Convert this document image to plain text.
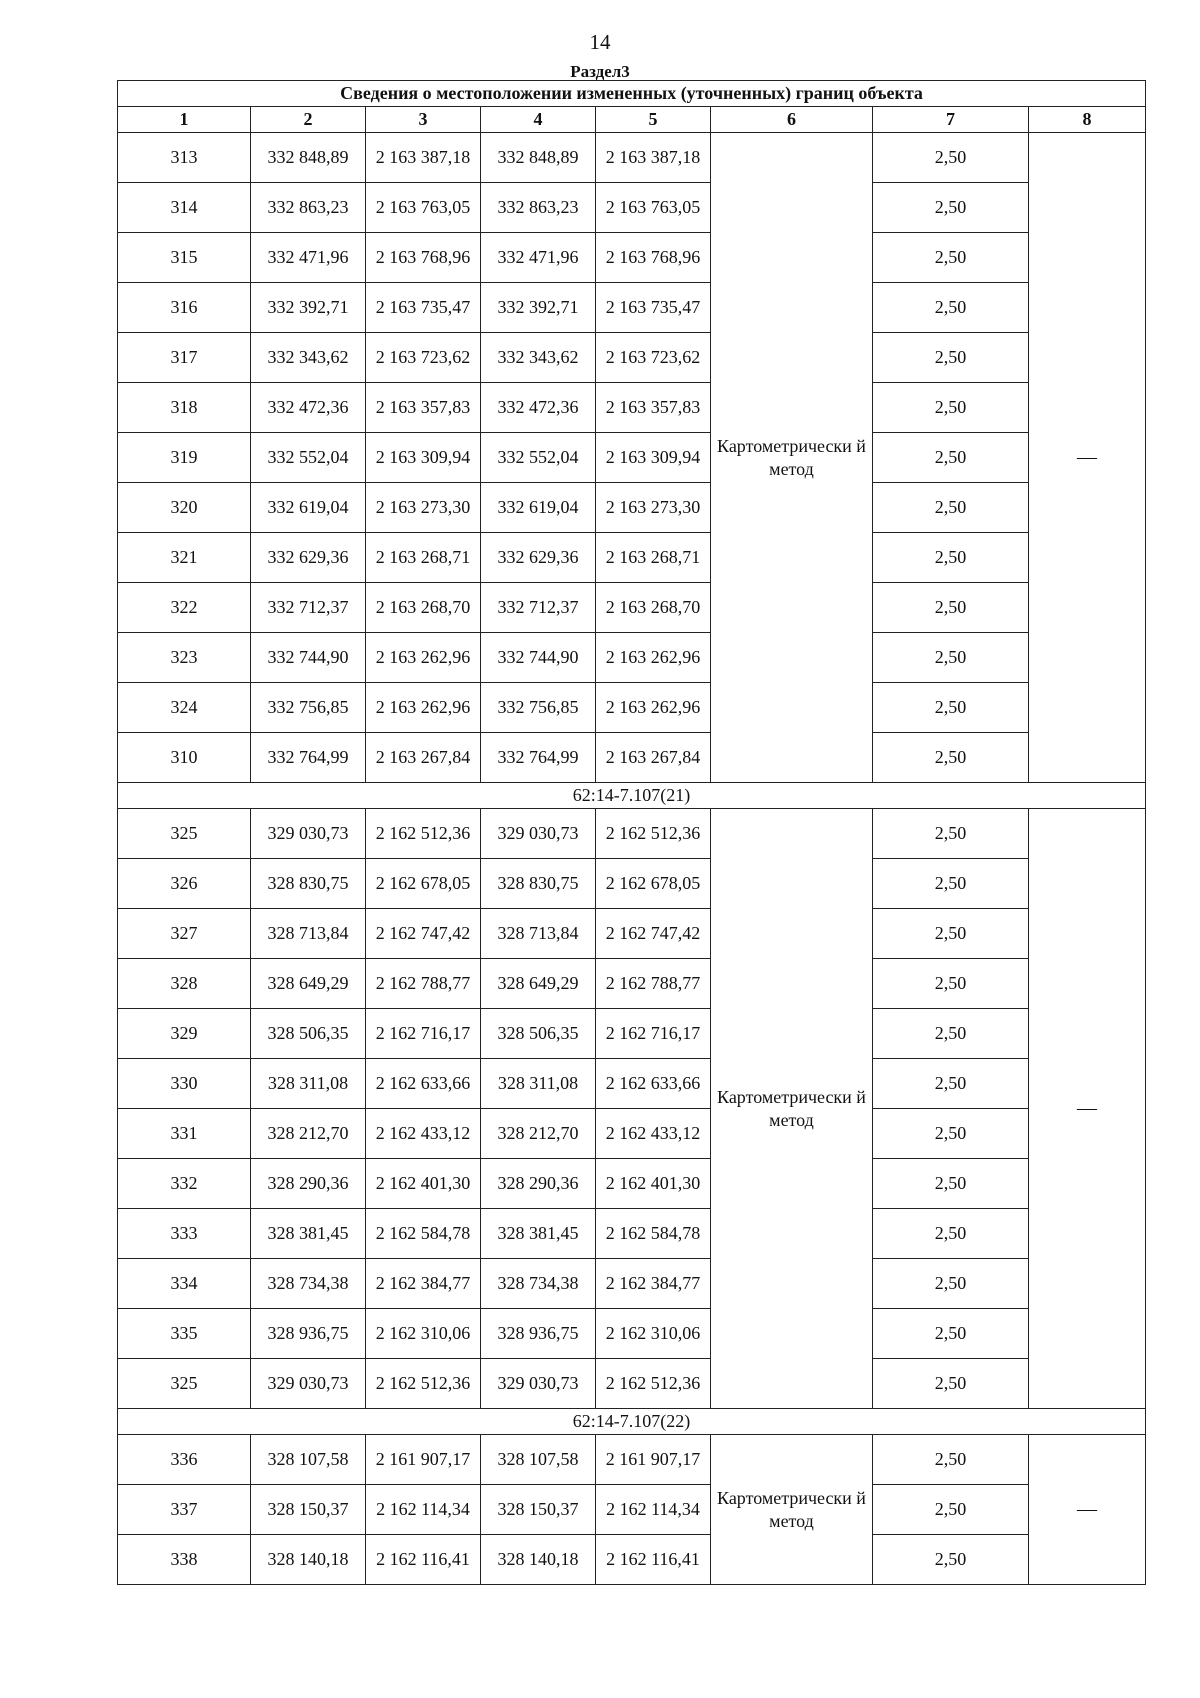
14
Раздел3
Сведения о местоположении измененных (уточненных) границ объекта							
1	2	3	4	5	6	7	8
313	332 848,89	2 163 387,18	332 848,89	2 163 387,18	Картометрически й метод	2,50	—
314	332 863,23	2 163 763,05	332 863,23	2 163 763,05		2,50	
315	332 471,96	2 163 768,96	332 471,96	2 163 768,96		2,50	
316	332 392,71	2 163 735,47	332 392,71	2 163 735,47		2,50	
317	332 343,62	2 163 723,62	332 343,62	2 163 723,62		2,50	
318	332 472,36	2 163 357,83	332 472,36	2 163 357,83		2,50	
319	332 552,04	2 163 309,94	332 552,04	2 163 309,94		2,50	
320	332 619,04	2 163 273,30	332 619,04	2 163 273,30		2,50	
321	332 629,36	2 163 268,71	332 629,36	2 163 268,71		2,50	
322	332 712,37	2 163 268,70	332 712,37	2 163 268,70		2,50	
323	332 744,90	2 163 262,96	332 744,90	2 163 262,96		2,50	
324	332 756,85	2 163 262,96	332 756,85	2 163 262,96		2,50	
310	332 764,99	2 163 267,84	332 764,99	2 163 267,84		2,50	
62:14-7.107(21)							
325	329 030,73	2 162 512,36	329 030,73	2 162 512,36	Картометрически й метод	2,50	—
326	328 830,75	2 162 678,05	328 830,75	2 162 678,05		2,50	
327	328 713,84	2 162 747,42	328 713,84	2 162 747,42		2,50	
328	328 649,29	2 162 788,77	328 649,29	2 162 788,77		2,50	
329	328 506,35	2 162 716,17	328 506,35	2 162 716,17		2,50	
330	328 311,08	2 162 633,66	328 311,08	2 162 633,66		2,50	
331	328 212,70	2 162 433,12	328 212,70	2 162 433,12		2,50	
332	328 290,36	2 162 401,30	328 290,36	2 162 401,30		2,50	
333	328 381,45	2 162 584,78	328 381,45	2 162 584,78		2,50	
334	328 734,38	2 162 384,77	328 734,38	2 162 384,77		2,50	
335	328 936,75	2 162 310,06	328 936,75	2 162 310,06		2,50	
325	329 030,73	2 162 512,36	329 030,73	2 162 512,36		2,50	
62:14-7.107(22)							
336	328 107,58	2 161 907,17	328 107,58	2 161 907,17	Картометрически й метод	2,50	—
337	328 150,37	2 162 114,34	328 150,37	2 162 114,34		2,50	
338	328 140,18	2 162 116,41	328 140,18	2 162 116,41		2,50	
